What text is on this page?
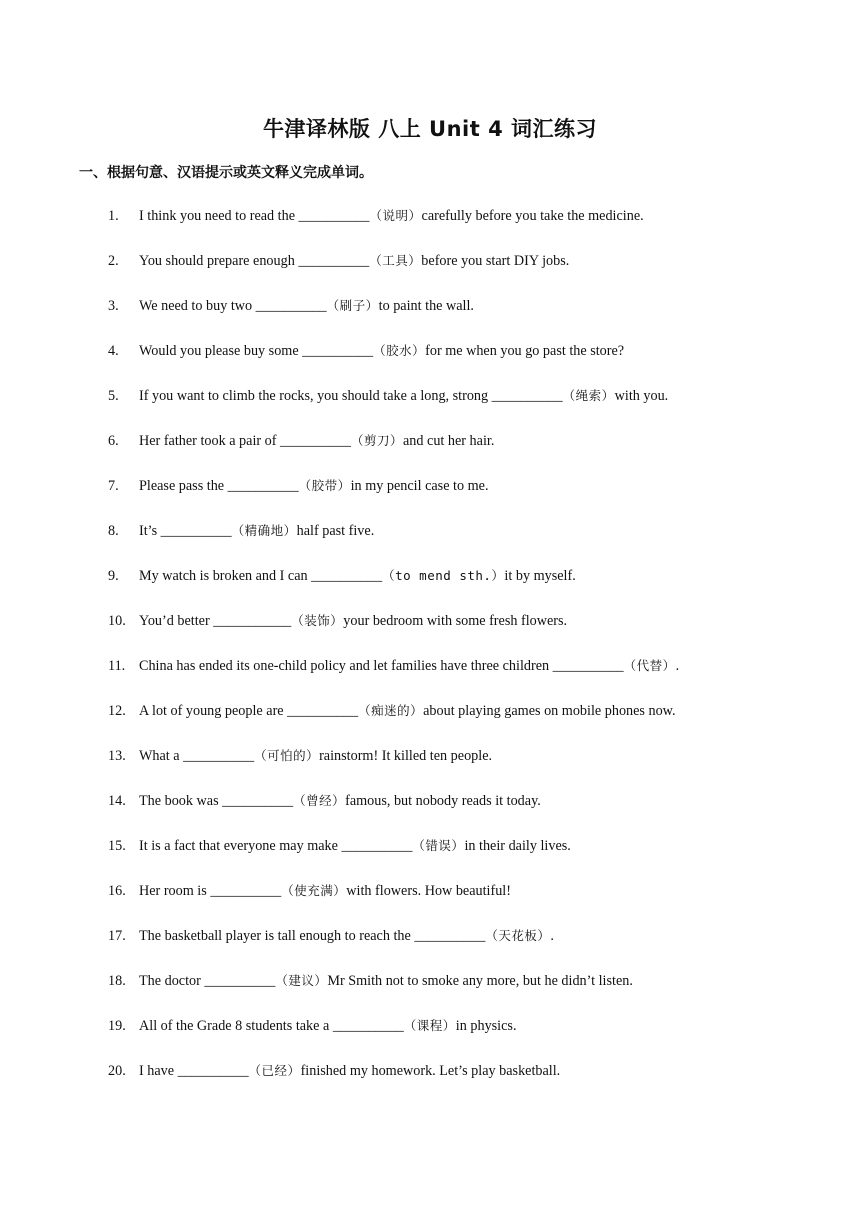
牛津译林版 八上 Unit 4 词汇练习
一、根据句意、汉语提示或英文释义完成单词。
1. I think you need to read the __________（说明）carefully before you take the medicine.
2. You should prepare enough __________（工具）before you start DIY jobs.
3. We need to buy two __________（刷子）to paint the wall.
4. Would you please buy some __________（胶水）for me when you go past the store?
5. If you want to climb the rocks, you should take a long, strong __________（绳索）with you.
6. Her father took a pair of __________（剪刀）and cut her hair.
7. Please pass the __________（胶带）in my pencil case to me.
8. It’s __________（精确地）half past five.
9. My watch is broken and I can __________（to mend sth.）it by myself.
10. You’d better ___________（装饰）your bedroom with some fresh flowers.
11. China has ended its one-child policy and let families have three children __________（代替）.
12. A lot of young people are __________（痴迷的）about playing games on mobile phones now.
13. What a __________（可怕的）rainstorm! It killed ten people.
14. The book was __________（曾经）famous, but nobody reads it today.
15. It is a fact that everyone may make __________（错误）in their daily lives.
16. Her room is __________（使充满）with flowers. How beautiful!
17. The basketball player is tall enough to reach the __________（天花板）.
18. The doctor __________（建议）Mr Smith not to smoke any more, but he didn’t listen.
19. All of the Grade 8 students take a __________（课程）in physics.
20. I have __________（已经）finished my homework. Let’s play basketball.
